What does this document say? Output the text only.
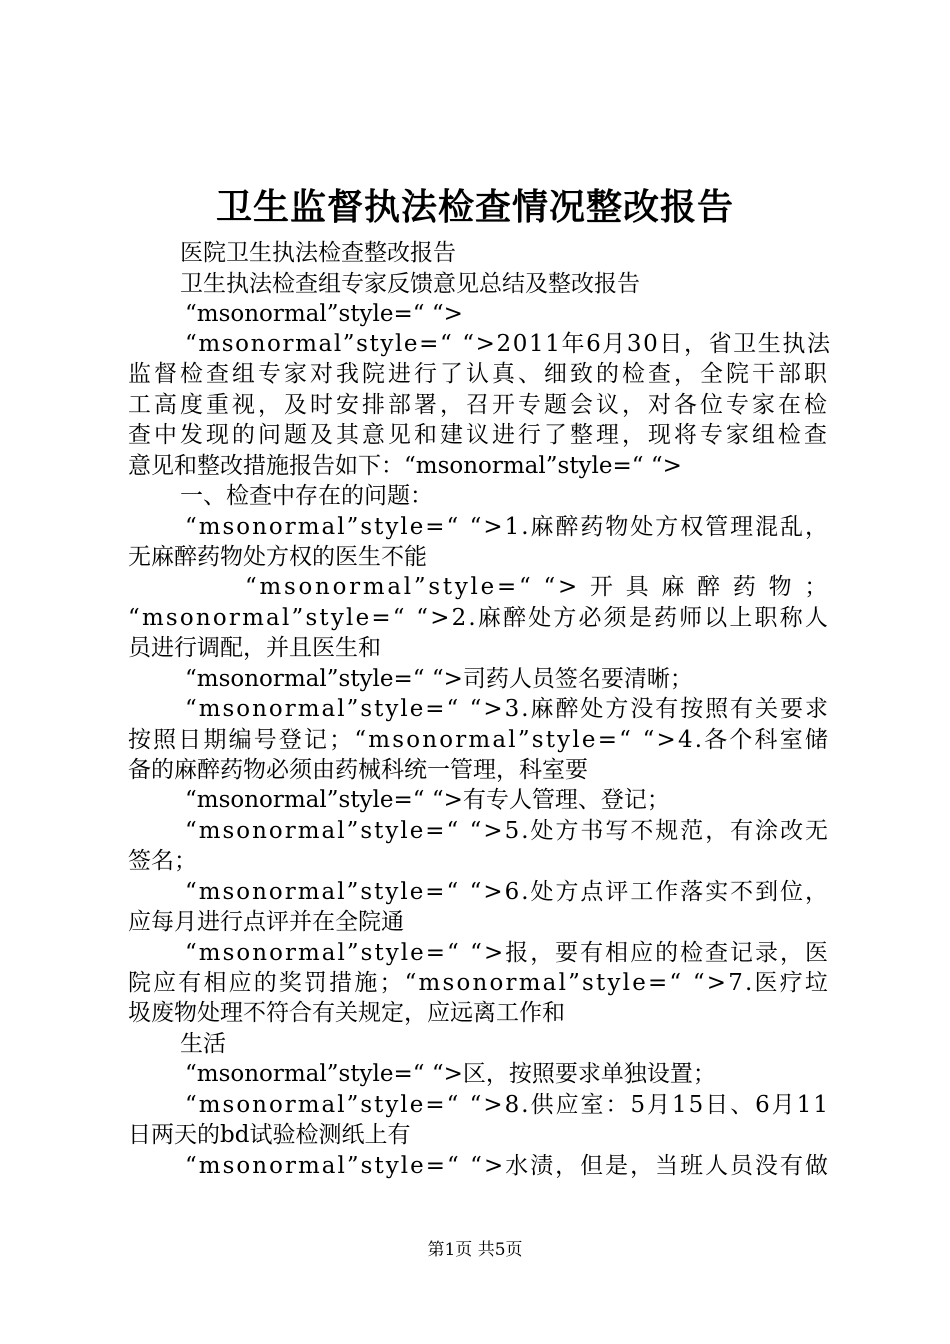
卫生监督执法检查情况整改报告
医院卫生执法检查整改报告
卫生执法检查组专家反馈意见总结及整改报告
“msonormal”style=“ “>
“msonormal”style=“ “>2011年6月30日，省卫生执法
监督检查组专家对我院进行了认真、细致的检查，全院干部职
工高度重视，及时安排部署，召开专题会议，对各位专家在检
查中发现的问题及其意见和建议进行了整理，现将专家组检查
意见和整改措施报告如下：“msonormal”style=“ “>
一、检查中存在的问题：
“msonormal”style=“ “>1.麻醉药物处方权管理混乱，
无麻醉药物处方权的医生不能
“msonormal”style=“ “> 开 具 麻 醉 药 物 ；
“msonormal”style=“ “>2.麻醉处方必须是药师以上职称人
员进行调配，并且医生和
“msonormal”style=“ “>司药人员签名要清晰；
“msonormal”style=“ “>3.麻醉处方没有按照有关要求
按照日期编号登记；“msonormal”style=“ “>4.各个科室储
备的麻醉药物必须由药械科统一管理，科室要
“msonormal”style=“ “>有专人管理、登记；
“msonormal”style=“ “>5.处方书写不规范，有涂改无
签名；
“msonormal”style=“ “>6.处方点评工作落实不到位，
应每月进行点评并在全院通
“msonormal”style=“ “>报，要有相应的检查记录，医
院应有相应的奖罚措施；“msonormal”style=“ “>7.医疗垃
圾废物处理不符合有关规定，应远离工作和
生活
“msonormal”style=“ “>区，按照要求单独设置；
“msonormal”style=“ “>8.供应室：5月15日、6月11
日两天的bd试验检测纸上有
“msonormal”style=“ “>水渍，但是，当班人员没有做
第1页 共5页
